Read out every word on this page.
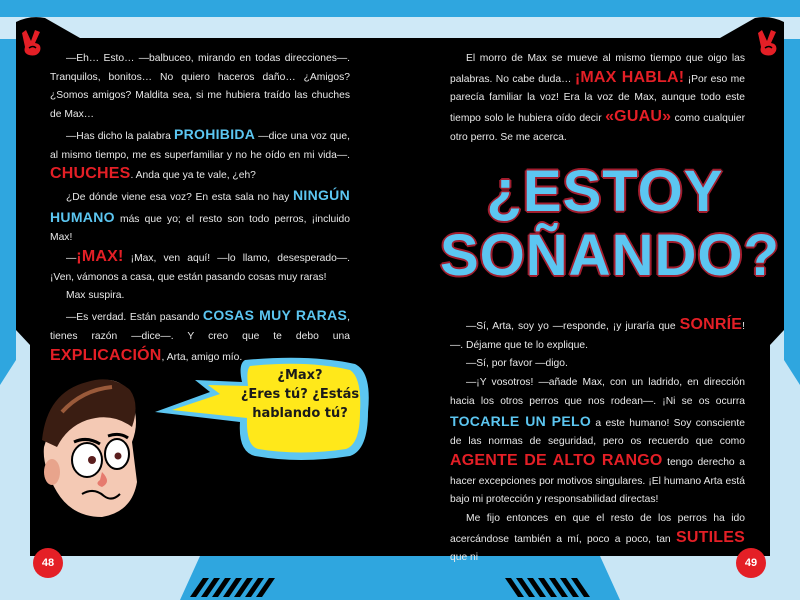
—Eh… Esto… —balbuceo, mirando en todas direcciones—. Tranquilos, bonitos… No quiero haceros daño… ¿Amigos? ¿Somos amigos? Maldita sea, si me hubiera traído las chuches de Max…

—Has dicho la palabra PROHIBIDA —dice una voz que, al mismo tiempo, me es superfamiliar y no he oído en mi vida—. CHUCHES. Anda que ya te vale, ¿eh?

¿De dónde viene esa voz? En esta sala no hay NINGÚN HUMANO más que yo; el resto son todo perros, ¡incluido Max!

—¡MAX! ¡Max, ven aquí! —lo llamo, desesperado—. ¡Ven, vámonos a casa, que están pasando cosas muy raras!

Max suspira.

—Es verdad. Están pasando COSAS MUY RARAS, tienes razón —dice—. Y creo que te debo una EXPLICACIÓN, Arta, amigo mío.

¿Max?
¿Eres tú? ¿Estás
hablando tú?
48	49

El morro de Max se mueve al mismo tiempo que oigo las palabras. No cabe duda… ¡MAX HABLA! ¡Por eso me parecía familiar la voz! Era la voz de Max, aunque todo este tiempo solo le hubiera oído decir «GUAU» como cualquier otro perro. Se me acerca.

¿ESTOY
SOÑANDO?

—Sí, Arta, soy yo —responde, ¡y juraría que SONRÍE!—. Déjame que te lo explique.

—Sí, por favor —digo.

—¡Y vosotros! —añade Max, con un ladrido, en dirección hacia los otros perros que nos rodean—. ¡Ni se os ocurra TOCARLE UN PELO a este humano! Soy consciente de las normas de seguridad, pero os recuerdo que como AGENTE DE ALTO RANGO tengo derecho a hacer excepciones por motivos singulares. ¡El humano Arta está bajo mi protección y responsabilidad directas!

Me fijo entonces en que el resto de los perros ha ido acercándose también a mí, poco a poco, tan SUTILES que ni
